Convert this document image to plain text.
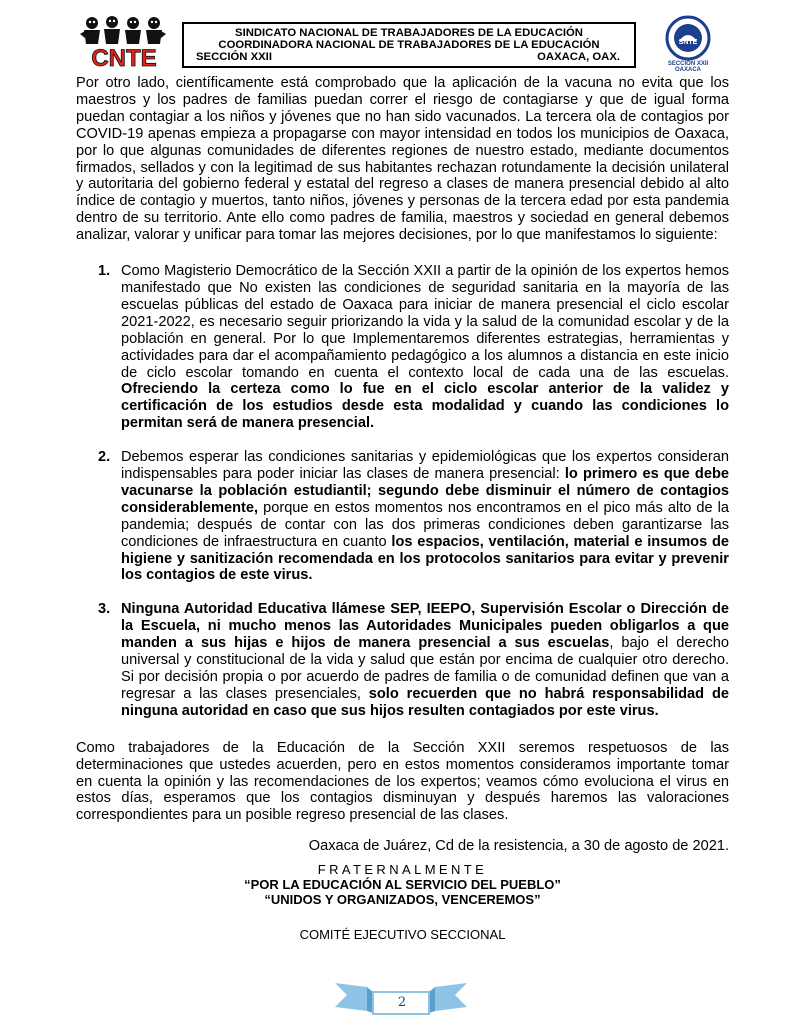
CNTE
SINDICATO NACIONAL DE TRABAJADORES DE LA EDUCACIÓN
COORDINADORA NACIONAL DE TRABAJADORES DE LA EDUCACIÓN
SECCIÓN XXII	OAXACA, OAX.
SNTE
SECCION XXII
OAXACA

Por otro lado, científicamente está comprobado que la aplicación de la vacuna no evita que los maestros y los padres de familias puedan correr el riesgo de contagiarse y que de igual forma puedan contagiar a los niños y jóvenes que no han sido vacunados. La tercera ola de contagios por COVID-19 apenas empieza a propagarse con mayor intensidad en todos los municipios de Oaxaca, por lo que algunas comunidades de diferentes regiones de nuestro estado, mediante documentos firmados, sellados y con la legitimad de sus habitantes rechazan rotundamente la decisión unilateral y autoritaria del gobierno federal y estatal del regreso a clases de manera presencial debido al alto índice de contagio y muertos, tanto niños, jóvenes y personas de la tercera edad por esta pandemia dentro de su territorio. Ante ello como padres de familia, maestros y sociedad en general debemos analizar, valorar y unificar para tomar las mejores decisiones, por lo que manifestamos lo siguiente:

1. Como Magisterio Democrático de la Sección XXII a partir de la opinión de los expertos hemos manifestado que No existen las condiciones de seguridad sanitaria en la mayoría de las escuelas públicas del estado de Oaxaca para iniciar de manera presencial el ciclo escolar 2021-2022, es necesario seguir priorizando la vida y la salud de la comunidad escolar y de la población en general. Por lo que Implementaremos diferentes estrategias, herramientas y actividades para dar el acompañamiento pedagógico a los alumnos a distancia en este inicio de ciclo escolar tomando en cuenta el contexto local de cada una de las escuelas. Ofreciendo la certeza como lo fue en el ciclo escolar anterior de la validez y certificación de los estudios desde esta modalidad y cuando las condiciones lo permitan será de manera presencial.
2. Debemos esperar las condiciones sanitarias y epidemiológicas que los expertos consideran indispensables para poder iniciar las clases de manera presencial: lo primero es que debe vacunarse la población estudiantil; segundo debe disminuir el número de contagios considerablemente, porque en estos momentos nos encontramos en el pico más alto de la pandemia; después de contar con las dos primeras condiciones deben garantizarse las condiciones de infraestructura en cuanto los espacios, ventilación, material e insumos de higiene y sanitización recomendada en los protocolos sanitarios para evitar y prevenir los contagios de este virus.
3. Ninguna Autoridad Educativa llámese SEP, IEEPO, Supervisión Escolar o Dirección de la Escuela, ni mucho menos las Autoridades Municipales pueden obligarlos a que manden a sus hijas e hijos de manera presencial a sus escuelas, bajo el derecho universal y constitucional de la vida y salud que están por encima de cualquier otro derecho. Si por decisión propia o por acuerdo de padres de familia o de comunidad definen que van a regresar a las clases presenciales, solo recuerden que no habrá responsabilidad de ninguna autoridad en caso que sus hijos resulten contagiados por este virus.

Como trabajadores de la Educación de la Sección XXII seremos respetuosos de las determinaciones que ustedes acuerden, pero en estos momentos consideramos importante tomar en cuenta la opinión y las recomendaciones de los expertos; veamos cómo evoluciona el virus en estos días, esperamos que los contagios disminuyan y después haremos las valoraciones correspondientes para un posible regreso presencial de las clases.

Oaxaca de Juárez, Cd de la resistencia, a 30 de agosto de 2021.

FRATERNALMENTE
“POR LA EDUCACIÓN AL SERVICIO DEL PUEBLO”
“UNIDOS Y ORGANIZADOS, VENCEREMOS”
COMITÉ EJECUTIVO SECCIONAL
2
